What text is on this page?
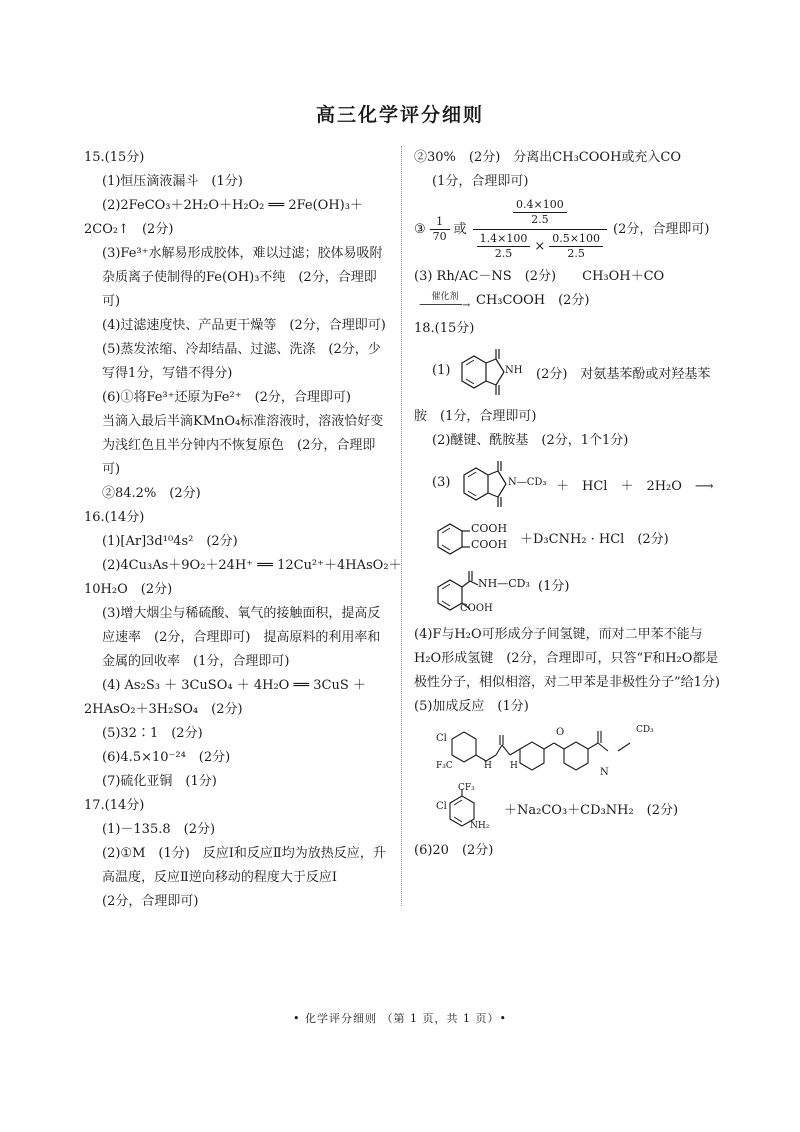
高三化学评分细则
15.(15分)
(1)恒压滴液漏斗　(1分)
(2)2FeCO₃＋2H₂O＋H₂O₂ ══ 2Fe(OH)₃＋
2CO₂↑　(2分)
(3)Fe³⁺水解易形成胶体，难以过滤；胶体易吸附杂质离子使制得的Fe(OH)₃不纯　(2分，合理即可)
(4)过滤速度快、产品更干燥等　(2分，合理即可)
(5)蒸发浓缩、冷却结晶、过滤、洗涤　(2分，少写得1分，写错不得分)
(6)①将Fe³⁺还原为Fe²⁺　(2分，合理即可)
当滴入最后半滴KMnO₄标准溶液时，溶液恰好变为浅红色且半分钟内不恢复原色　(2分，合理即可)
②84.2%　(2分)
16.(14分)
(1)[Ar]3d¹⁰4s²　(2分)
(2)4Cu₃As＋9O₂＋24H⁺ ══ 12Cu²⁺＋4HAsO₂＋
10H₂O　(2分)
(3)增大烟尘与稀硫酸、氧气的接触面积，提高反应速率　(2分，合理即可)　提高原料的利用率和金属的回收率　(1分，合理即可)
(4) As₂S₃ ＋ 3CuSO₄ ＋ 4H₂O ══ 3CuS ＋
2HAsO₂＋3H₂SO₄　(2分)
(5)32∶1　(2分)
(6)4.5×10⁻²⁴　(2分)
(7)硫化亚铜　(1分)
17.(14分)
(1)－135.8　(2分)
(2)①M　(1分)　反应Ⅰ和反应Ⅱ均为放热反应，升高温度，反应Ⅱ逆向移动的程度大于反应Ⅰ
(2分，合理即可)
②30%　(2分)　分离出CH₃COOH或充入CO
(1分，合理即可)
③ $\frac{1}{70}$ 或 $\frac{\frac{0.4\times 100}{2.5}}{\frac{1.4\times 100}{2.5} \times \frac{0.5\times 100}{2.5}} (2$分，合理即可)
(3) Rh/AC－NS　(2分)　　CH₃OH＋CO
催化剂
───────→ CH₃COOH　(2分)
18.(15分)
(1)	NH (2分)　对氨基苯酚或对羟基苯
胺　(1分，合理即可)
(2)醚键、酰胺基　(2分，1个1分)
(3)	N—CD₃ ＋　HCl　＋　2H₂O　⟶
COOH
COOH ＋D₃CNH₂ · HCl　(2分)
NH—CD₃
COOH
(1分)
(4)F与H₂O可形成分子间氢键，而对二甲苯不能与H₂O形成氢键　(2分，合理即可，只答“F和H₂O都是极性分子，相似相溶，对二甲苯是非极性分子”给1分)
(5)加成反应　(1分)
Cl
F₃C
O
N
H H
CD₃
CF₃
Cl
NH₂
＋Na₂CO₃＋CD₃NH₂　(2分)
(6)20　(2分)
• 化学评分细则 （第 1 页，共 1 页）•
